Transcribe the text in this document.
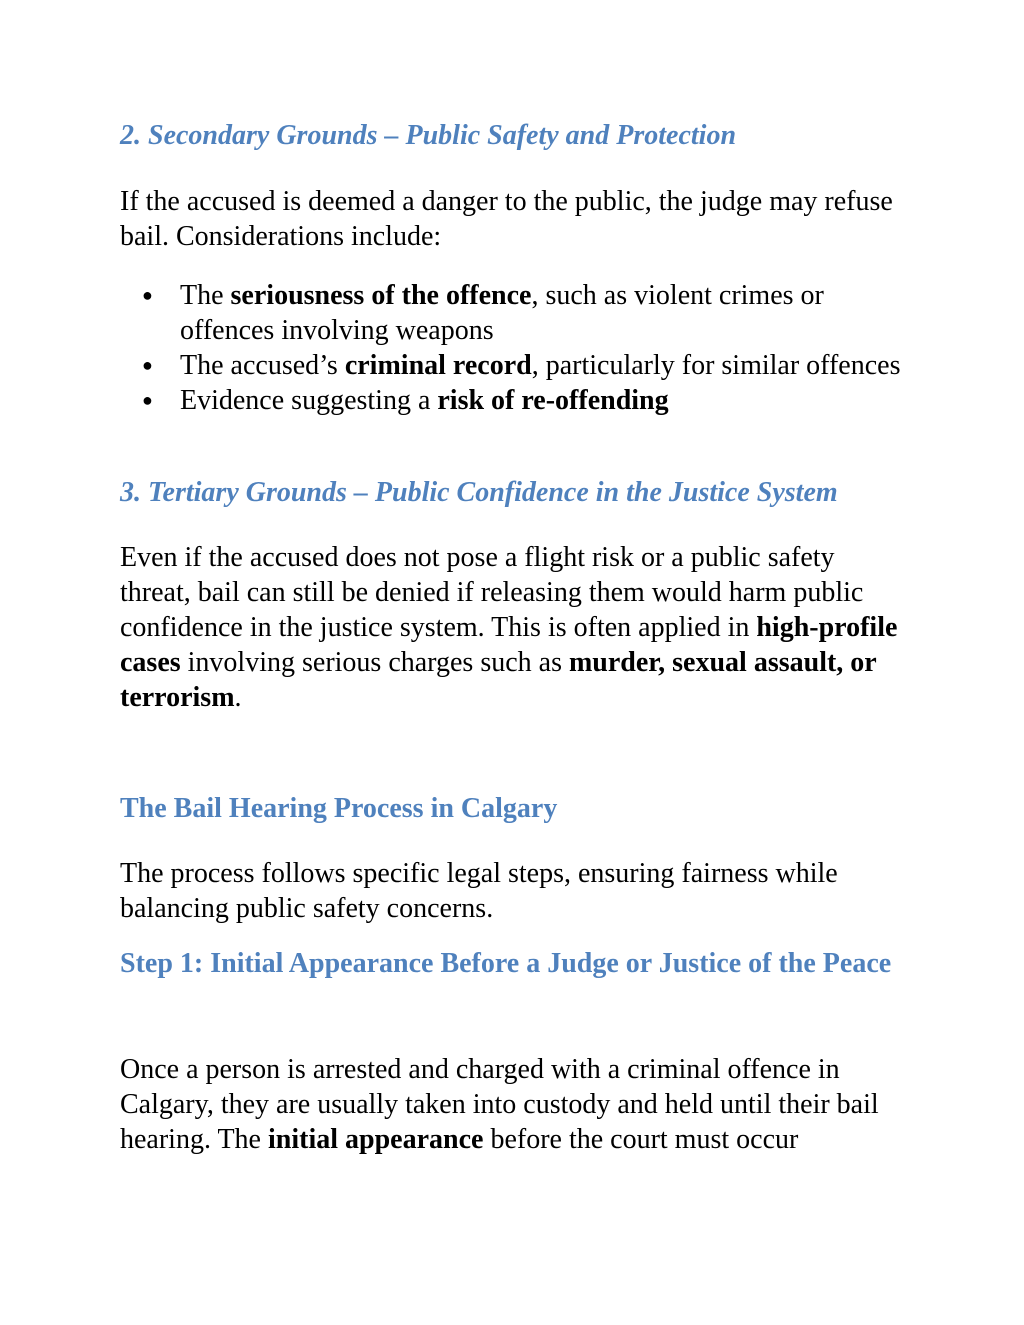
2. Secondary Grounds – Public Safety and Protection

If the accused is deemed a danger to the public, the judge may refuse bail. Considerations include:

● The seriousness of the offence, such as violent crimes or offences involving weapons
● The accused’s criminal record, particularly for similar offences
● Evidence suggesting a risk of re-offending
3. Tertiary Grounds – Public Confidence in the Justice System

Even if the accused does not pose a flight risk or a public safety threat, bail can still be denied if releasing them would harm public confidence in the justice system. This is often applied in high-profile cases involving serious charges such as murder, sexual assault, or terrorism.

The Bail Hearing Process in Calgary

The process follows specific legal steps, ensuring fairness while balancing public safety concerns.

Step 1: Initial Appearance Before a Judge or Justice of the Peace

Once a person is arrested and charged with a criminal offence in Calgary, they are usually taken into custody and held until their bail hearing. The initial appearance before the court must occur
